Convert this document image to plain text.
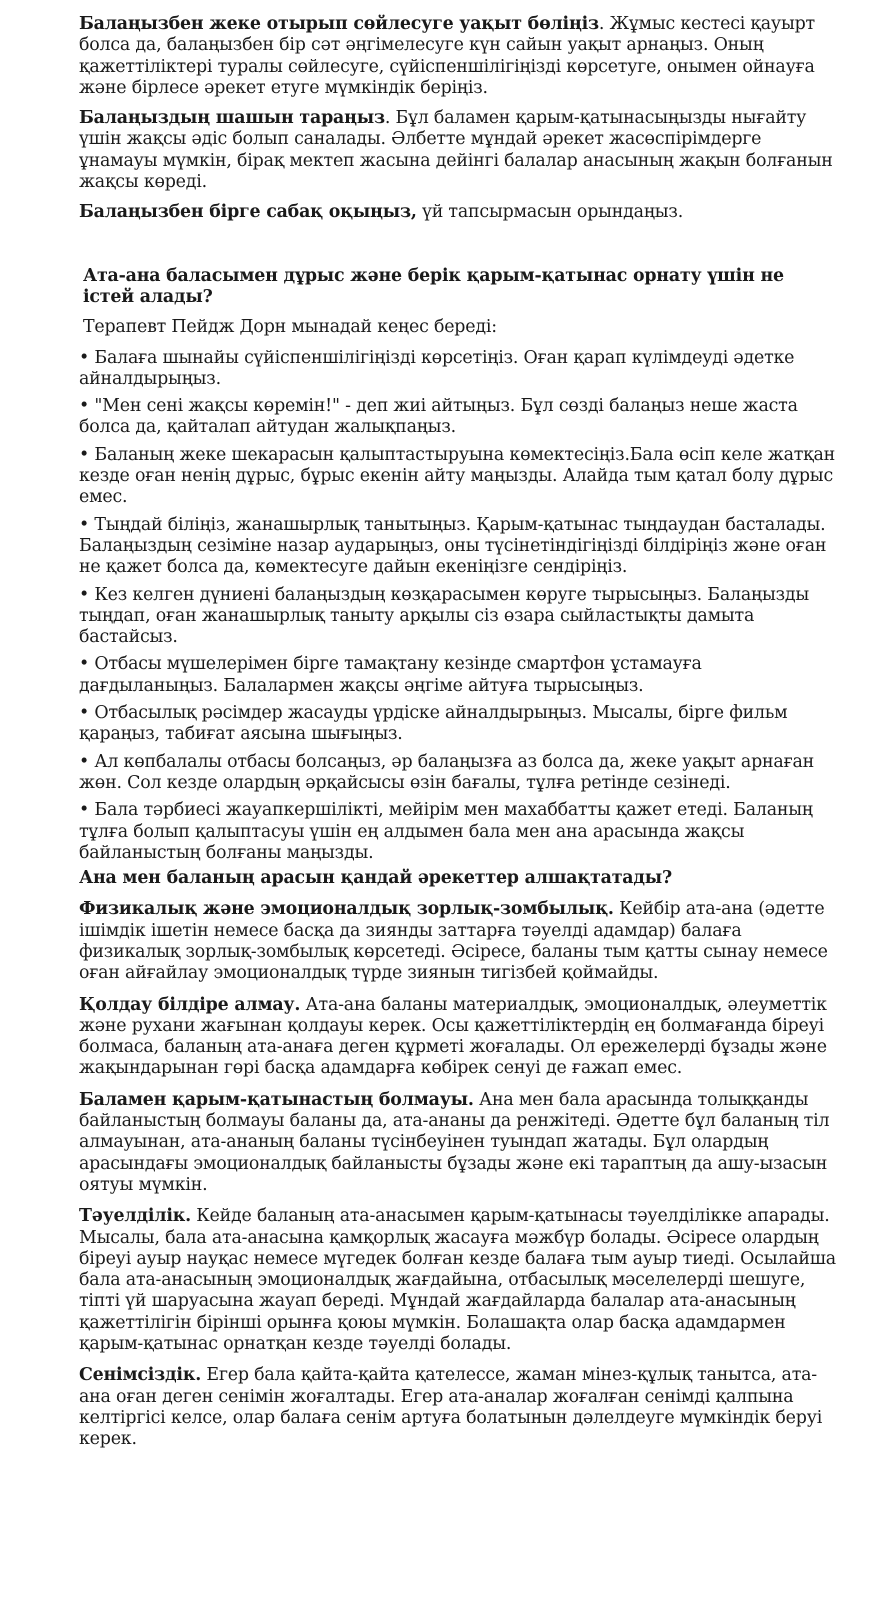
Балаңызбен жеке отырып сөйлесуге уақыт бөліңіз. Жұмыс кестесі қауырт болса да, балаңызбен бір сәт әңгімелесуге күн сайын уақыт арнаңыз. Оның қажеттіліктері туралы сөйлесуге, сүйіспеншілігіңізді көрсетуге, онымен ойнауға және бірлесе әрекет етуге мүмкіндік беріңіз.

Балаңыздың шашын тараңыз. Бұл баламен қарым-қатынасыңызды нығайту үшін жақсы әдіс болып саналады. Әлбетте мұндай әрекет жасөспірімдерге ұнамауы мүмкін, бірақ мектеп жасына дейінгі балалар анасының жақын болғанын жақсы көреді.

Балаңызбен бірге сабақ оқыңыз, үй тапсырмасын орындаңыз.

Ата-ана баласымен дұрыс және берік қарым-қатынас орнату үшін не істей алады?

Терапевт Пейдж Дорн мынадай кеңес береді:

• Балаға шынайы сүйіспеншілігіңізді көрсетіңіз. Оған қарап күлімдеуді әдетке айналдырыңыз.

• "Мен сені жақсы көремін!" - деп жиі айтыңыз. Бұл сөзді балаңыз неше жаста болса да, қайталап айтудан жалықпаңыз.

• Баланың жеке шекарасын қалыптастыруына көмектесіңіз.Бала өсіп келе жатқан кезде оған ненің дұрыс, бұрыс екенін айту маңызды. Алайда тым қатал болу дұрыс емес.

• Тыңдай біліңіз, жанашырлық танытыңыз. Қарым-қатынас тыңдаудан басталады. Балаңыздың сезіміне назар аударыңыз, оны түсінетіндігіңізді білдіріңіз және оған не қажет болса да, көмектесуге дайын екеніңізге сендіріңіз.

• Кез келген дүниені балаңыздың көзқарасымен көруге тырысыңыз. Балаңызды тыңдап, оған жанашырлық таныту арқылы сіз өзара сыйластықты дамыта бастайсыз.

• Отбасы мүшелерімен бірге тамақтану кезінде смартфон ұстамауға дағдыланыңыз. Балалармен жақсы әңгіме айтуға тырысыңыз.

• Отбасылық рәсімдер жасауды үрдіске айналдырыңыз. Мысалы, бірге фильм қараңыз, табиғат аясына шығыңыз.

• Ал көпбалалы отбасы болсаңыз, әр балаңызға аз болса да, жеке уақыт арнаған жөн. Сол кезде олардың әрқайсысы өзін бағалы, тұлға ретінде сезінеді.

• Бала тәрбиесі жауапкершілікті, мейірім мен махаббатты қажет етеді. Баланың тұлға болып қалыптасуы үшін ең алдымен бала мен ана арасында жақсы байланыстың болғаны маңызды.

Ана мен баланың арасын қандай әрекеттер алшақтатады?

Физикалық және эмоционалдық зорлық-зомбылық. Кейбір ата-ана (әдетте ішімдік ішетін немесе басқа да зиянды заттарға тәуелді адамдар) балаға физикалық зорлық-зомбылық көрсетеді. Әсіресе, баланы тым қатты сынау немесе оған айғайлау эмоционалдық түрде зиянын тигізбей қоймайды.

Қолдау білдіре алмау. Ата-ана баланы материалдық, эмоционалдық, әлеуметтік және рухани жағынан қолдауы керек. Осы қажеттіліктердің ең болмағанда біреуі болмаса, баланың ата-анаға деген құрметі жоғалады. Ол ережелерді бұзады және жақындарынан гөрі басқа адамдарға көбірек сенуі де ғажап емес.

Баламен қарым-қатынастың болмауы. Ана мен бала арасында толыққанды байланыстың болмауы баланы да, ата-ананы да ренжітеді. Әдетте бұл баланың тіл алмауынан, ата-ананың баланы түсінбеуінен туындап жатады. Бұл олардың арасындағы эмоционалдық байланысты бұзады және екі тараптың да ашу-ызасын оятуы мүмкін.

Тәуелділік. Кейде баланың ата-анасымен қарым-қатынасы тәуелділікке апарады. Мысалы, бала ата-анасына қамқорлық жасауға мәжбүр болады. Әсіресе олардың біреуі ауыр науқас немесе мүгедек болған кезде балаға тым ауыр тиеді. Осылайша бала ата-анасының эмоционалдық жағдайына, отбасылық мәселелерді шешуге, тіпті үй шаруасына жауап береді. Мұндай жағдайларда балалар ата-анасының қажеттілігін бірінші орынға қоюы мүмкін. Болашақта олар басқа адамдармен қарым-қатынас орнатқан кезде тәуелді болады.

Сенімсіздік. Егер бала қайта-қайта қателессе, жаман мінез-құлық танытса, ата-ана оған деген сенімін жоғалтады. Егер ата-аналар жоғалған сенімді қалпына келтіргісі келсе, олар балаға сенім артуға болатынын дәлелдеуге мүмкіндік беруі керек.
